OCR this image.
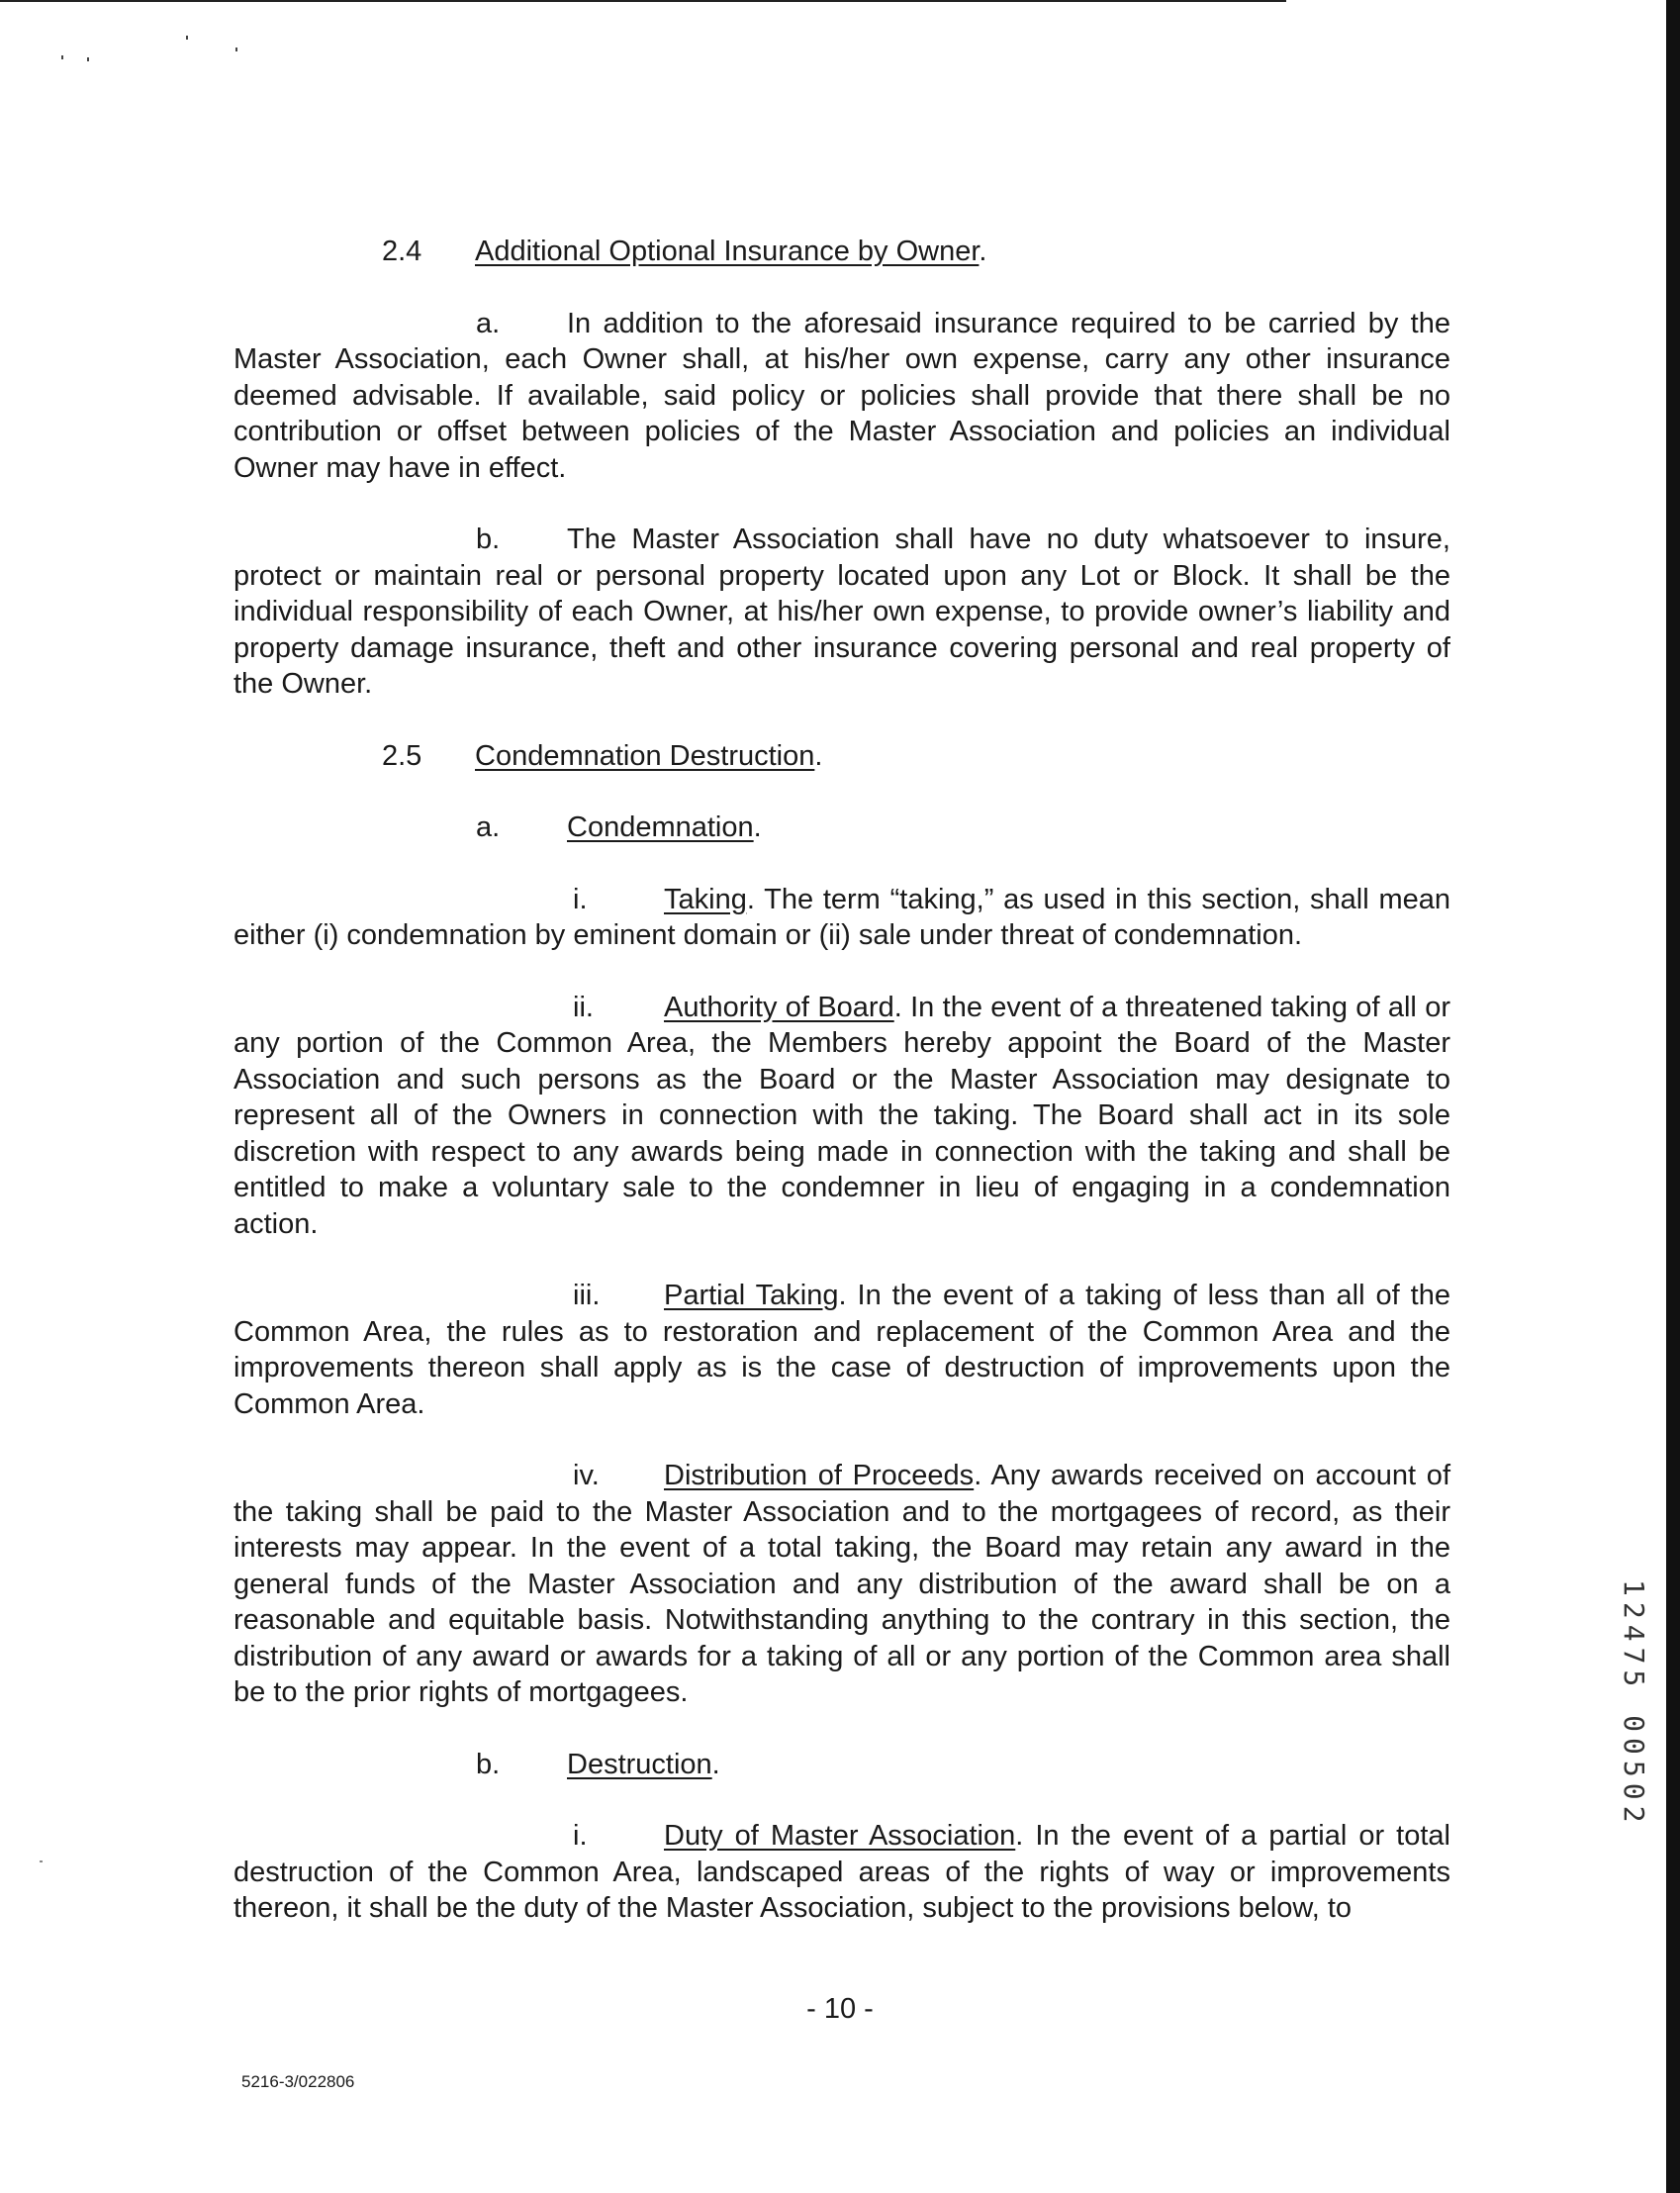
2.4 Additional Optional Insurance by Owner.

a. In addition to the aforesaid insurance required to be carried by the Master Association, each Owner shall, at his/her own expense, carry any other insurance deemed advisable. If available, said policy or policies shall provide that there shall be no contribution or offset between policies of the Master Association and policies an individual Owner may have in effect.

b. The Master Association shall have no duty whatsoever to insure, protect or maintain real or personal property located upon any Lot or Block. It shall be the individual responsibility of each Owner, at his/her own expense, to provide owner’s liability and property damage insurance, theft and other insurance covering personal and real property of the Owner.

2.5 Condemnation Destruction.

a. Condemnation.

i.	Taking. The term “taking,” as used in this section, shall mean either (i) condemnation by eminent domain or (ii) sale under threat of condemnation.

ii. Authority of Board. In the event of a threatened taking of all or any portion of the Common Area, the Members hereby appoint the Board of the Master Association and such persons as the Board or the Master Association may designate to represent all of the Owners in connection with the taking. The Board shall act in its sole discretion with respect to any awards being made in connection with the taking and shall be entitled to make a voluntary sale to the condemner in lieu of engaging in a condemnation action.

iii. Partial Taking. In the event of a taking of less than all of the Common Area, the rules as to restoration and replacement of the Common Area and the improvements thereon shall apply as is the case of destruction of improvements upon the Common Area.

iv. Distribution of Proceeds. Any awards received on account of the taking shall be paid to the Master Association and to the mortgagees of record, as their interests may appear. In the event of a total taking, the Board may retain any award in the general funds of the Master Association and any distribution of the award shall be on a reasonable and equitable basis. Notwithstanding anything to the contrary in this section, the distribution of any award or awards for a taking of all or any portion of the Common area shall be to the prior rights of mortgagees.

b. Destruction.

i.	Duty of Master Association. In the event of a partial or total destruction of the Common Area, landscaped areas of the rights of way or improvements thereon, it shall be the duty of the Master Association, subject to the provisions below, to

- 10 -
5216-3/022806
12475 00502
